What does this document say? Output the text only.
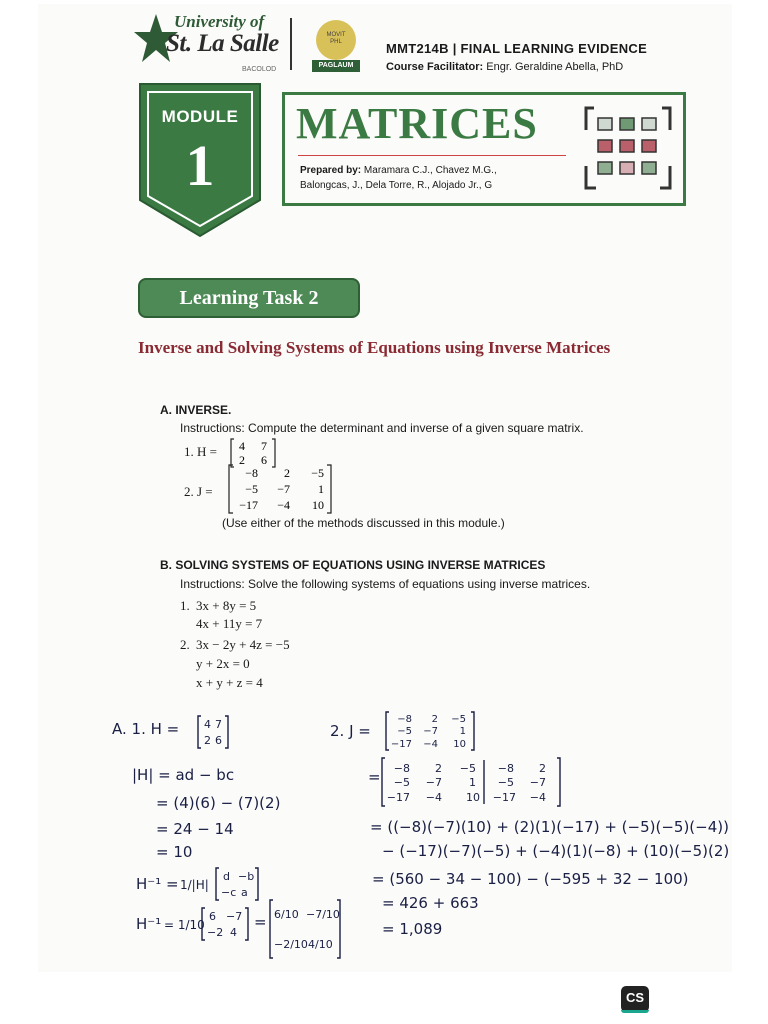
University of
St. La Salle
BACOLOD
MOVIT PHL
PAGLAUM
MMT214B | FINAL LEARNING EVIDENCE
Course Facilitator: Engr. Geraldine Abella, PhD
MODULE
1
MATRICES
Prepared by: Maramara C.J., Chavez M.G.,
Balongcas, J., Dela Torre, R., Alojado Jr., G
Learning Task 2
Inverse and Solving Systems of Equations using Inverse Matrices
A. INVERSE.
Instructions: Compute the determinant and inverse of a given square matrix.
1. H = 4 7
2 6
2. J =
−8 2 −5
−5 −7 1
−17 −4 10
(Use either of the methods discussed in this module.)
B. SOLVING SYSTEMS OF EQUATIONS USING INVERSE MATRICES
Instructions: Solve the following systems of equations using inverse matrices.
1. 3x + 8y = 5
4x + 11y = 7
2. 3x − 2y + 4z = −5
y + 2x = 0
x + y + z = 4
A. 1. H = 4 7
2 6
|H| = ad − bc
= (4)(6) − (7)(2)
= 24 − 14
= 10
H⁻¹ = 1/|H|
d −b
−c a
H⁻¹ = 1/10
6 −7
−2 4
= 6/10 −7/10
−2/10 4/10
2. J =
−8 2 −5
−5 −7 1
−17 −4 10
= −8 2 −5
−5 −7 1
−17 −4 10
−8 2
−5 −7
−17 −4
= ((−8)(−7)(10) + (2)(1)(−17) + (−5)(−5)(−4))
− (−17)(−7)(−5) + (−4)(1)(−8) + (10)(−5)(2)
= (560 − 34 − 100) − (−595 + 32 − 100)
= 426 + 663
= 1,089
CS
